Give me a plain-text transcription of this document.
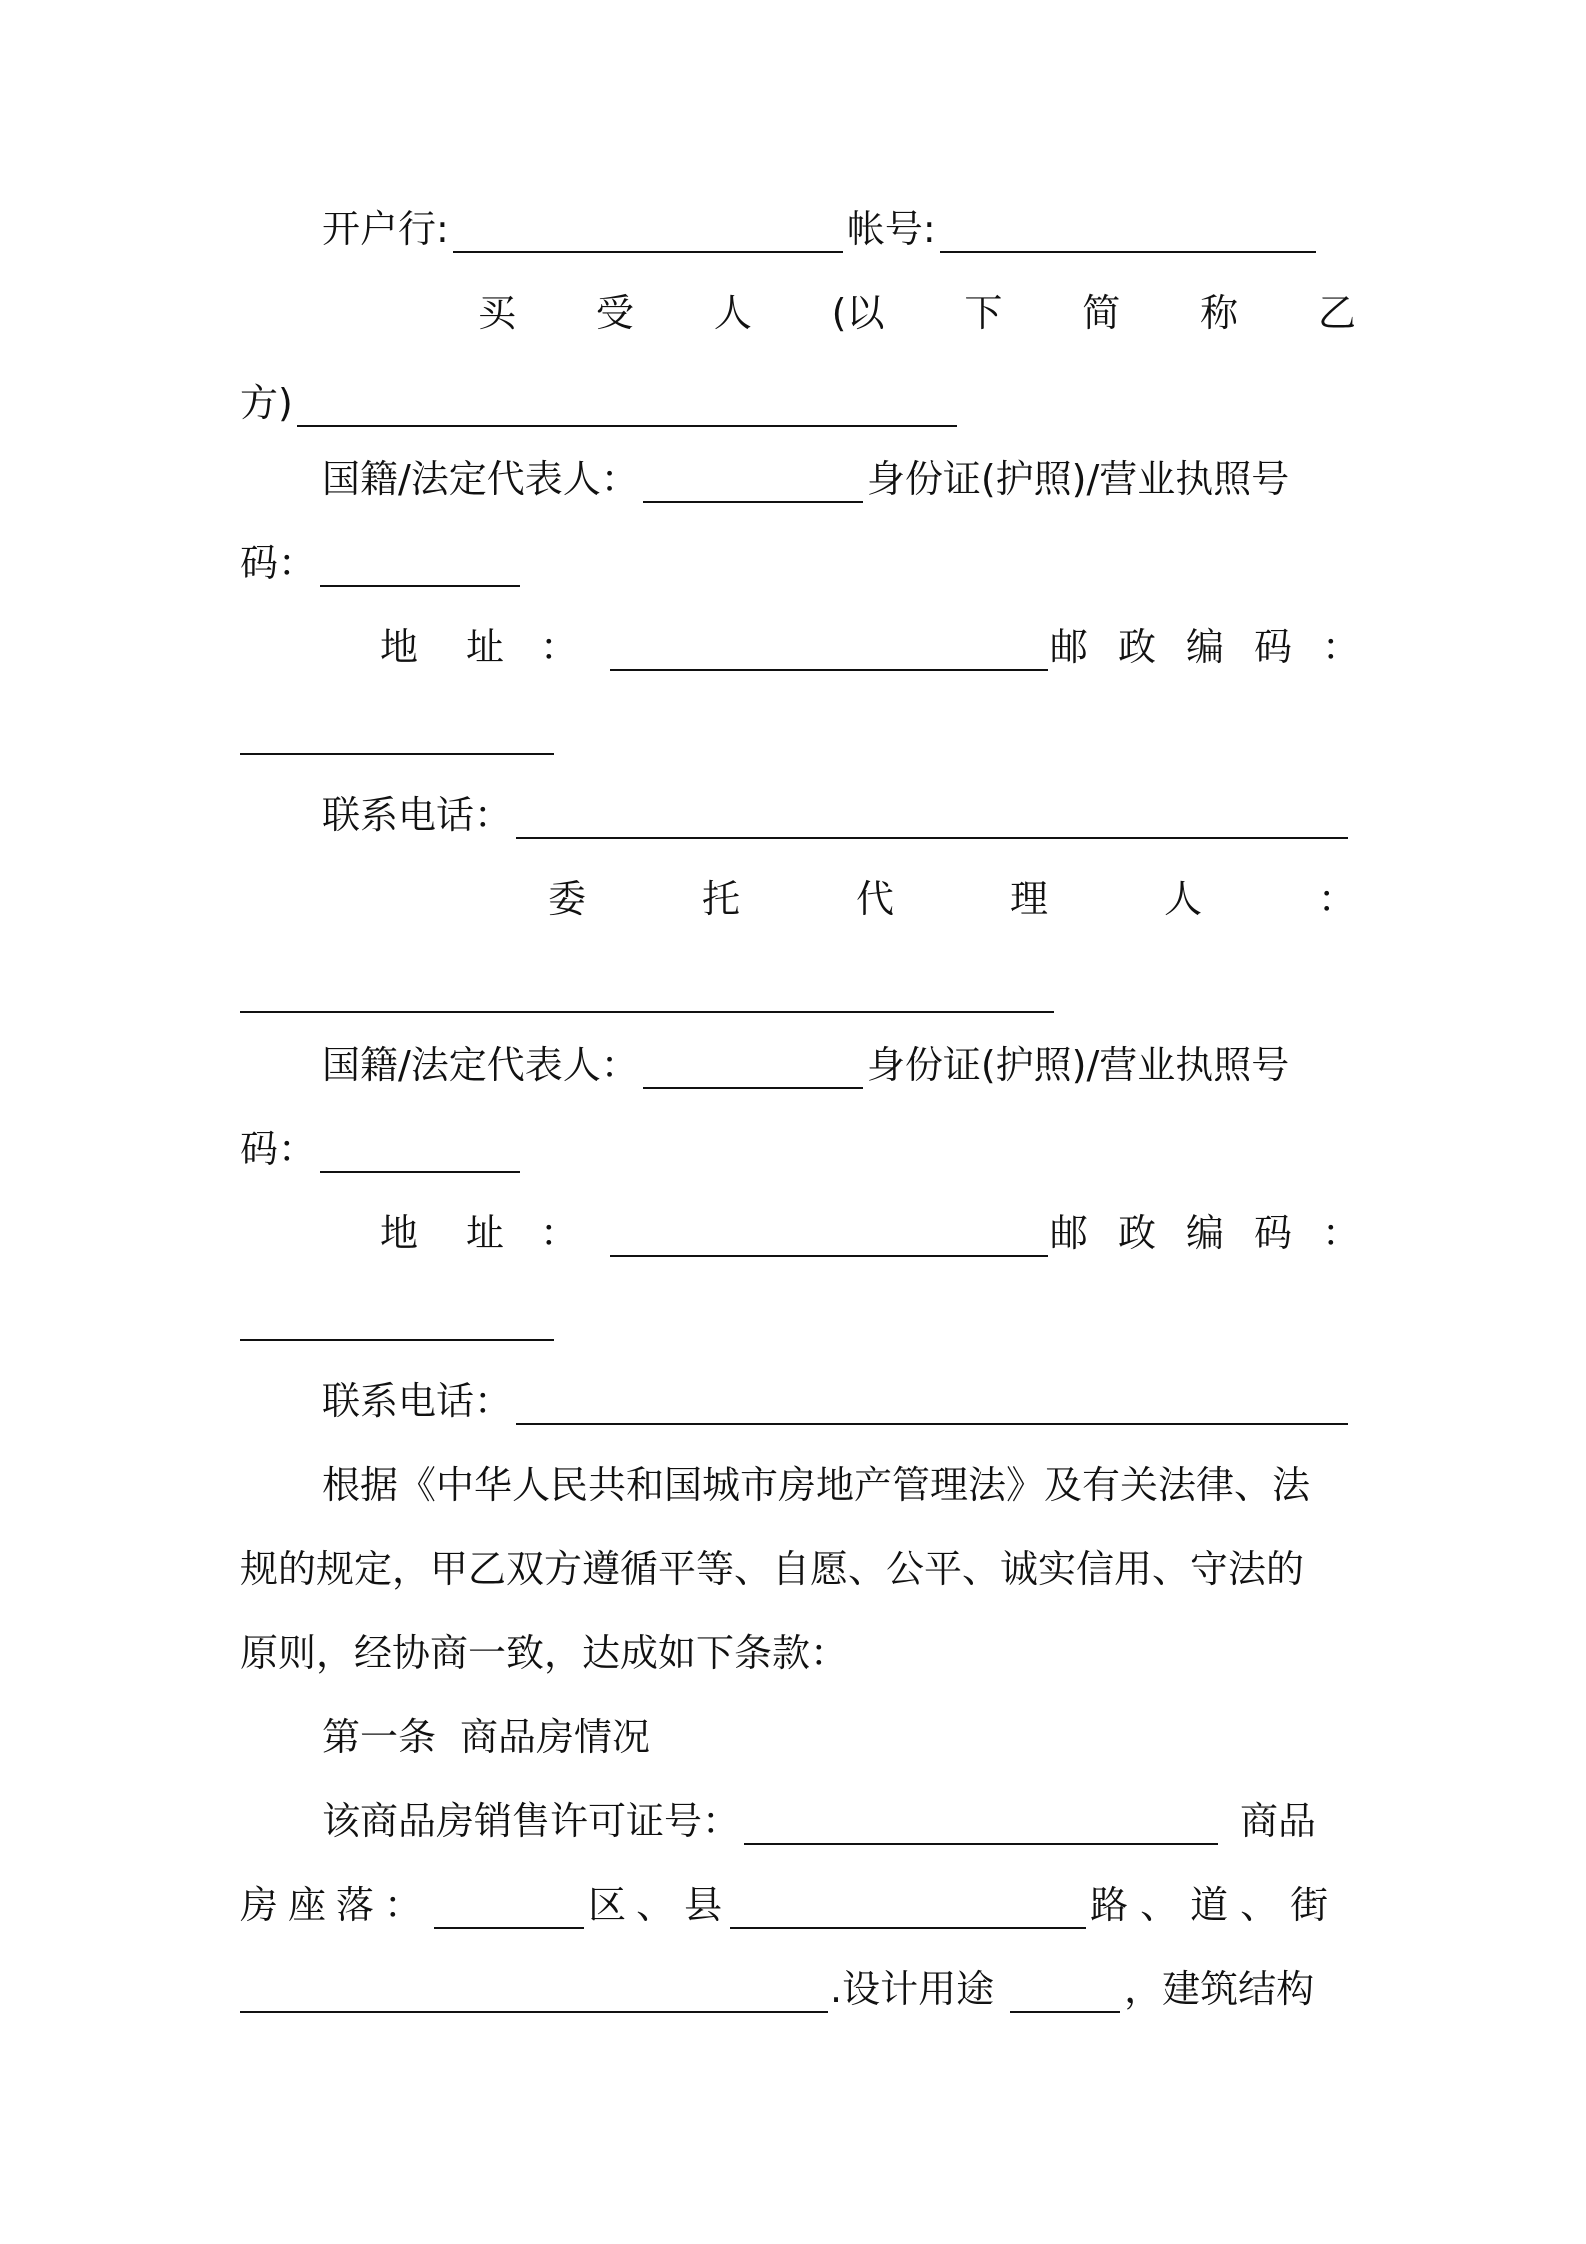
开户行:	帐号:
买 受 人 (以 下 简 称 乙
方)
国籍/法定代表人：	身份证(护照)/营业执照号
码：
地 址 ：	邮 政 编 码 ：
联系电话：
委	托	代	理	人	：
国籍/法定代表人：	身份证(护照)/营业执照号
码：
地 址 ：	邮 政 编 码 ：
联系电话：
根据《中华人民共和国城市房地产管理法》及有关法律、法
规的规定，甲乙双方遵循平等、自愿、公平、诚实信用、守法的
原则，经协商一致，达成如下条款：
第一条 商品房情况
该商品房销售许可证号：	商品
房 座 落 ：	区 、 县	路 、 道 、 街
.设计用途	，建筑结构
